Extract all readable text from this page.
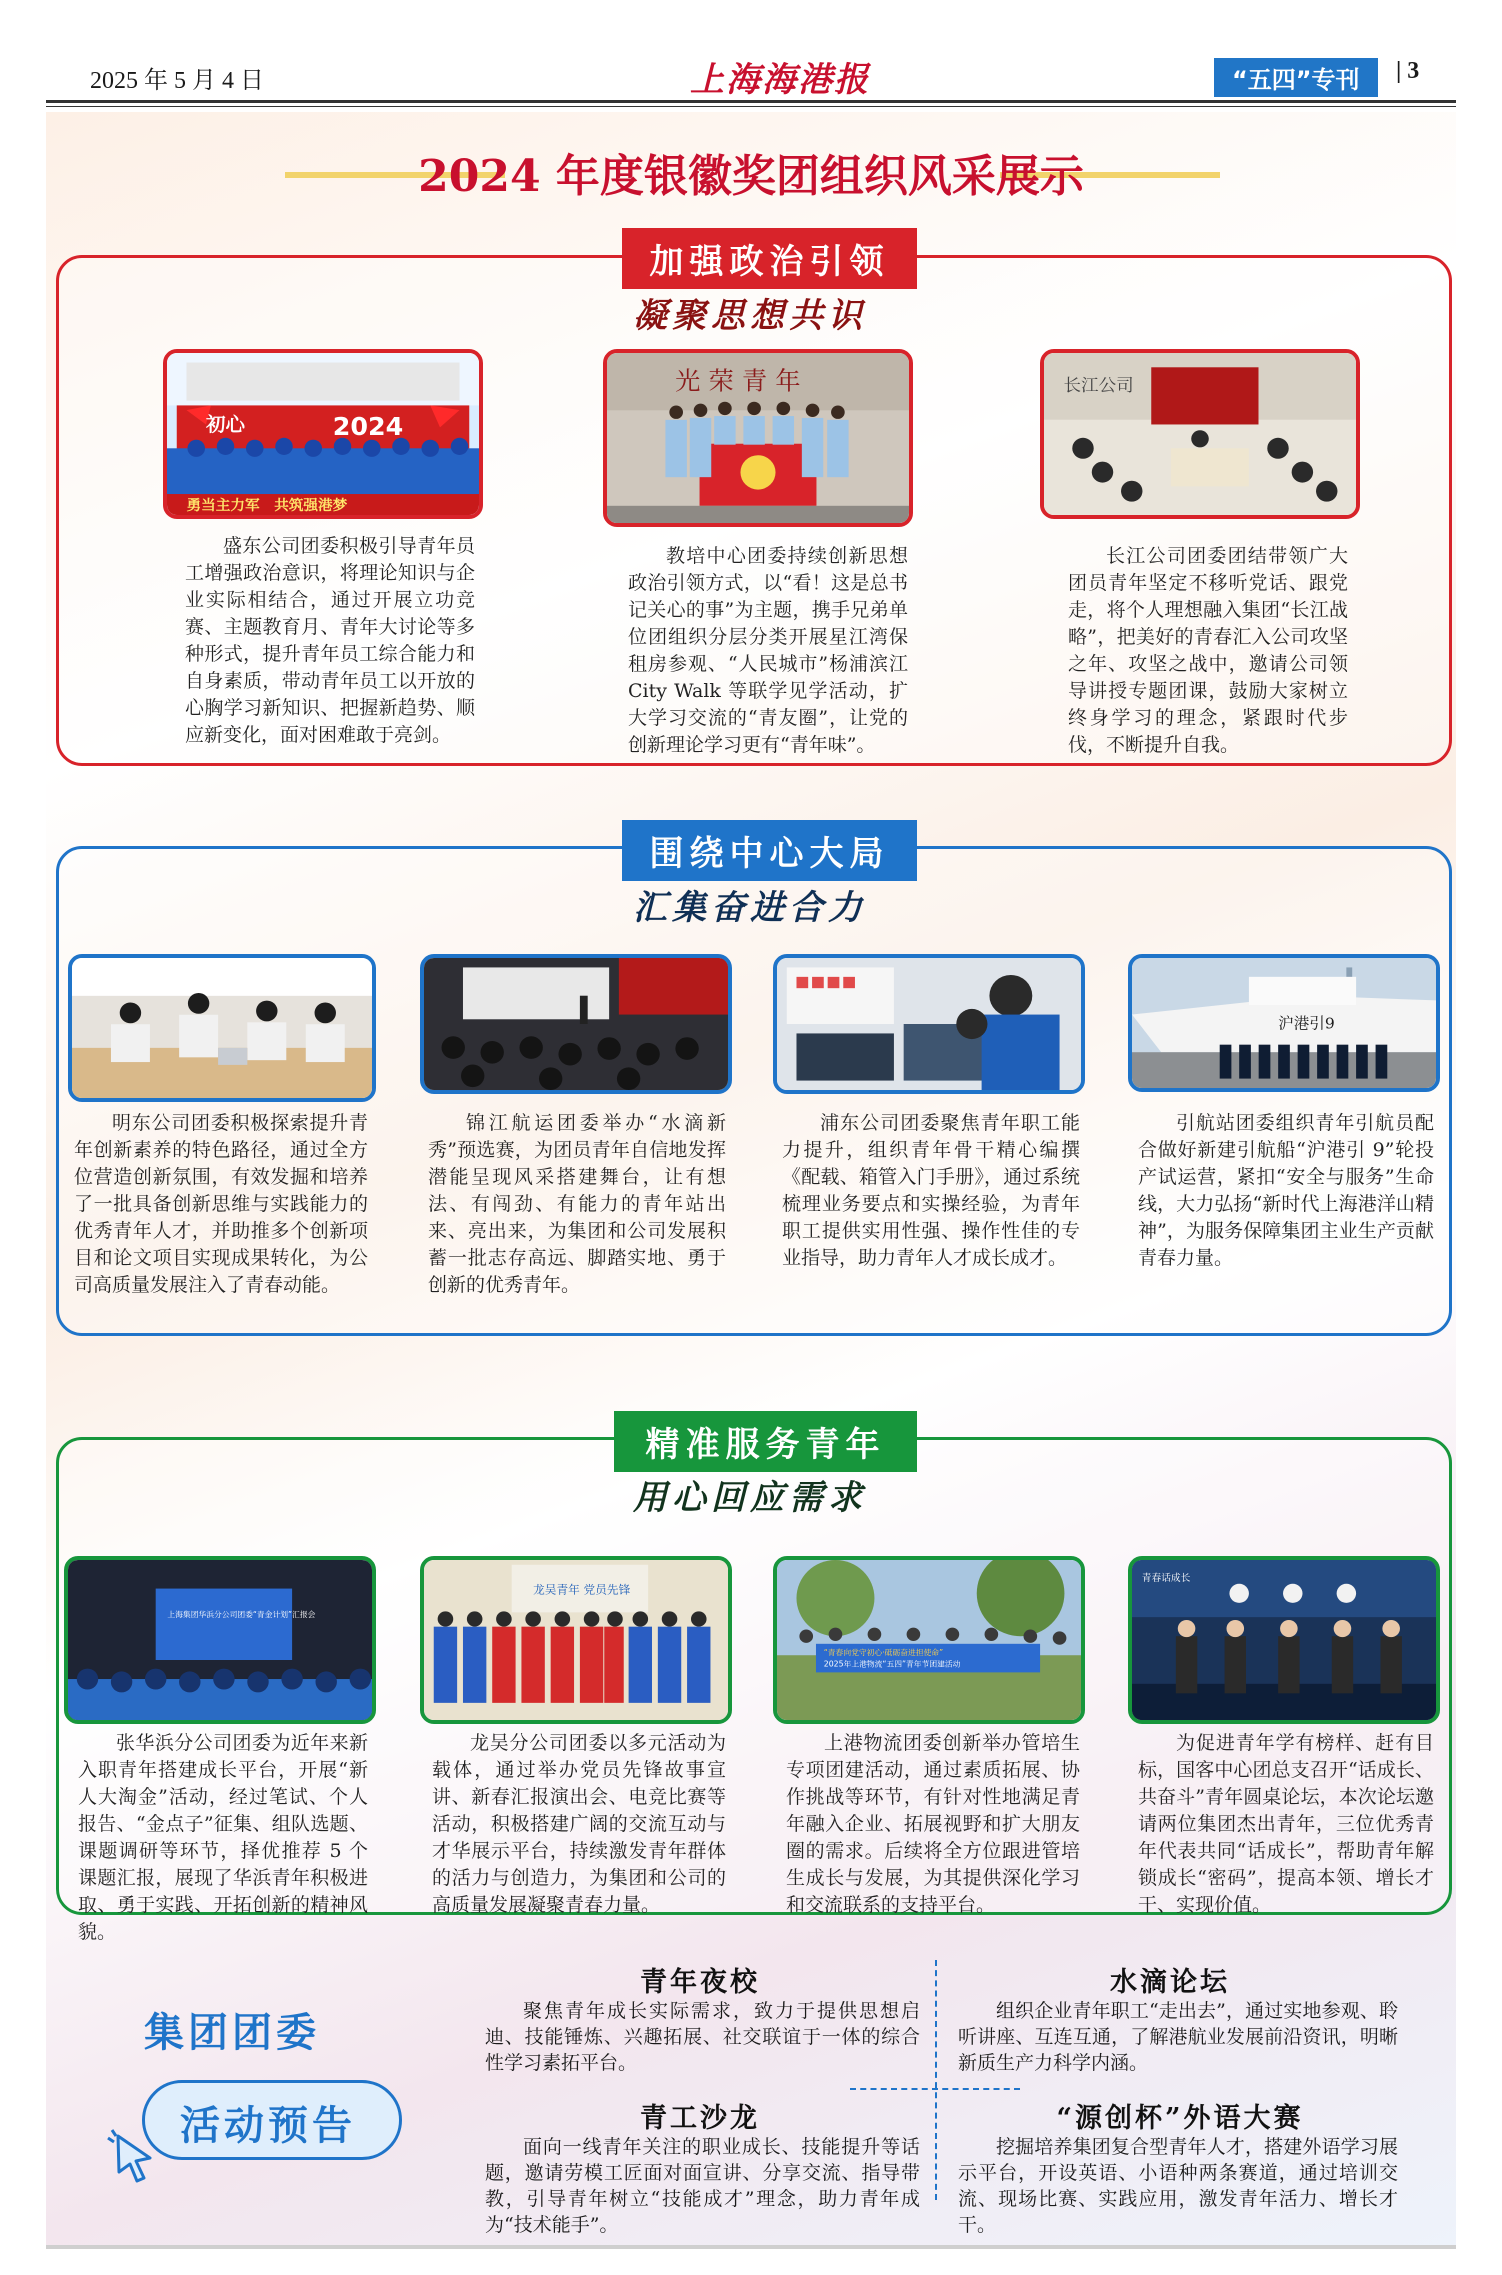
2025 年 5 月 4 日	上海海港报	“五四”专刊	| 3
2024 年度银徽奖团组织风采展示
加强政治引领
凝聚思想共识
初心	2024
勇当主力军　共筑强港梦
盛东公司团委积极引导青年员工增强政治意识，将理论知识与企业实际相结合，通过开展立功竞赛、主题教育月、青年大讨论等多种形式，提升青年员工综合能力和自身素质，带动青年员工以开放的心胸学习新知识、把握新趋势、顺应新变化，面对困难敢于亮剑。
光 荣 青 年
教培中心团委持续创新思想政治引领方式，以“看！这是总书记关心的事”为主题，携手兄弟单位团组织分层分类开展星江湾保租房参观、“人民城市”杨浦滨江 City Walk 等联学见学活动，扩大学习交流的“青友圈”，让党的创新理论学习更有“青年味”。
长江公司
长江公司团委团结带领广大团员青年坚定不移听党话、跟党走，将个人理想融入集团“长江战略”，把美好的青春汇入公司攻坚之年、攻坚之战中，邀请公司领导讲授专题团课，鼓励大家树立终身学习的理念，紧跟时代步伐，不断提升自我。
围绕中心大局
汇集奋进合力
明东公司团委积极探索提升青年创新素养的特色路径，通过全方位营造创新氛围，有效发掘和培养了一批具备创新思维与实践能力的优秀青年人才，并助推多个创新项目和论文项目实现成果转化，为公司高质量发展注入了青春动能。
锦江航运团委举办“水滴新秀”预选赛，为团员青年自信地发挥潜能呈现风采搭建舞台，让有想法、有闯劲、有能力的青年站出来、亮出来，为集团和公司发展积蓄一批志存高远、脚踏实地、勇于创新的优秀青年。
浦东公司团委聚焦青年职工能力提升，组织青年骨干精心编撰《配载、箱管入门手册》，通过系统梳理业务要点和实操经验，为青年职工提供实用性强、操作性佳的专业指导，助力青年人才成长成才。
沪港引9
引航站团委组织青年引航员配合做好新建引航船“沪港引 9”轮投产试运营，紧扣“安全与服务”生命线，大力弘扬“新时代上海港洋山精神”，为服务保障集团主业生产贡献青春力量。
精准服务青年
用心回应需求
上海集团华浜分公司团委“青金计划”汇报会
张华浜分公司团委为近年来新入职青年搭建成长平台，开展“新人大淘金”活动，经过笔试、个人报告、“金点子”征集、组队选题、课题调研等环节，择优推荐 5 个课题汇报，展现了华浜青年积极进取、勇于实践、开拓创新的精神风貌。
龙吴青年 党员先锋
龙吴分公司团委以多元活动为载体，通过举办党员先锋故事宣讲、新春汇报演出会、电竞比赛等活动，积极搭建广阔的交流互动与才华展示平台，持续激发青年群体的活力与创造力，为集团和公司的高质量发展凝聚青春力量。
“青春向党守初心·砥砺奋进担使命”
2025年上港物流“五四”青年节团建活动
上港物流团委创新举办管培生专项团建活动，通过素质拓展、协作挑战等环节，有针对性地满足青年融入企业、拓展视野和扩大朋友圈的需求。后续将全方位跟进管培生成长与发展，为其提供深化学习和交流联系的支持平台。
青春话成长
为促进青年学有榜样、赶有目标，国客中心团总支召开“话成长、共奋斗”青年圆桌论坛，本次论坛邀请两位集团杰出青年，三位优秀青年代表共同“话成长”，帮助青年解锁成长“密码”，提高本领、增长才干、实现价值。
集团团委
活动预告
青年夜校
聚焦青年成长实际需求，致力于提供思想启迪、技能锤炼、兴趣拓展、社交联谊于一体的综合性学习素拓平台。
水滴论坛
组织企业青年职工“走出去”，通过实地参观、聆听讲座、互连互通，了解港航业发展前沿资讯，明晰新质生产力科学内涵。
青工沙龙
面向一线青年关注的职业成长、技能提升等话题，邀请劳模工匠面对面宣讲、分享交流、指导带教，引导青年树立“技能成才”理念，助力青年成为“技术能手”。
“源创杯”外语大赛
挖掘培养集团复合型青年人才，搭建外语学习展示平台，开设英语、小语种两条赛道，通过培训交流、现场比赛、实践应用，激发青年活力、增长才干。
